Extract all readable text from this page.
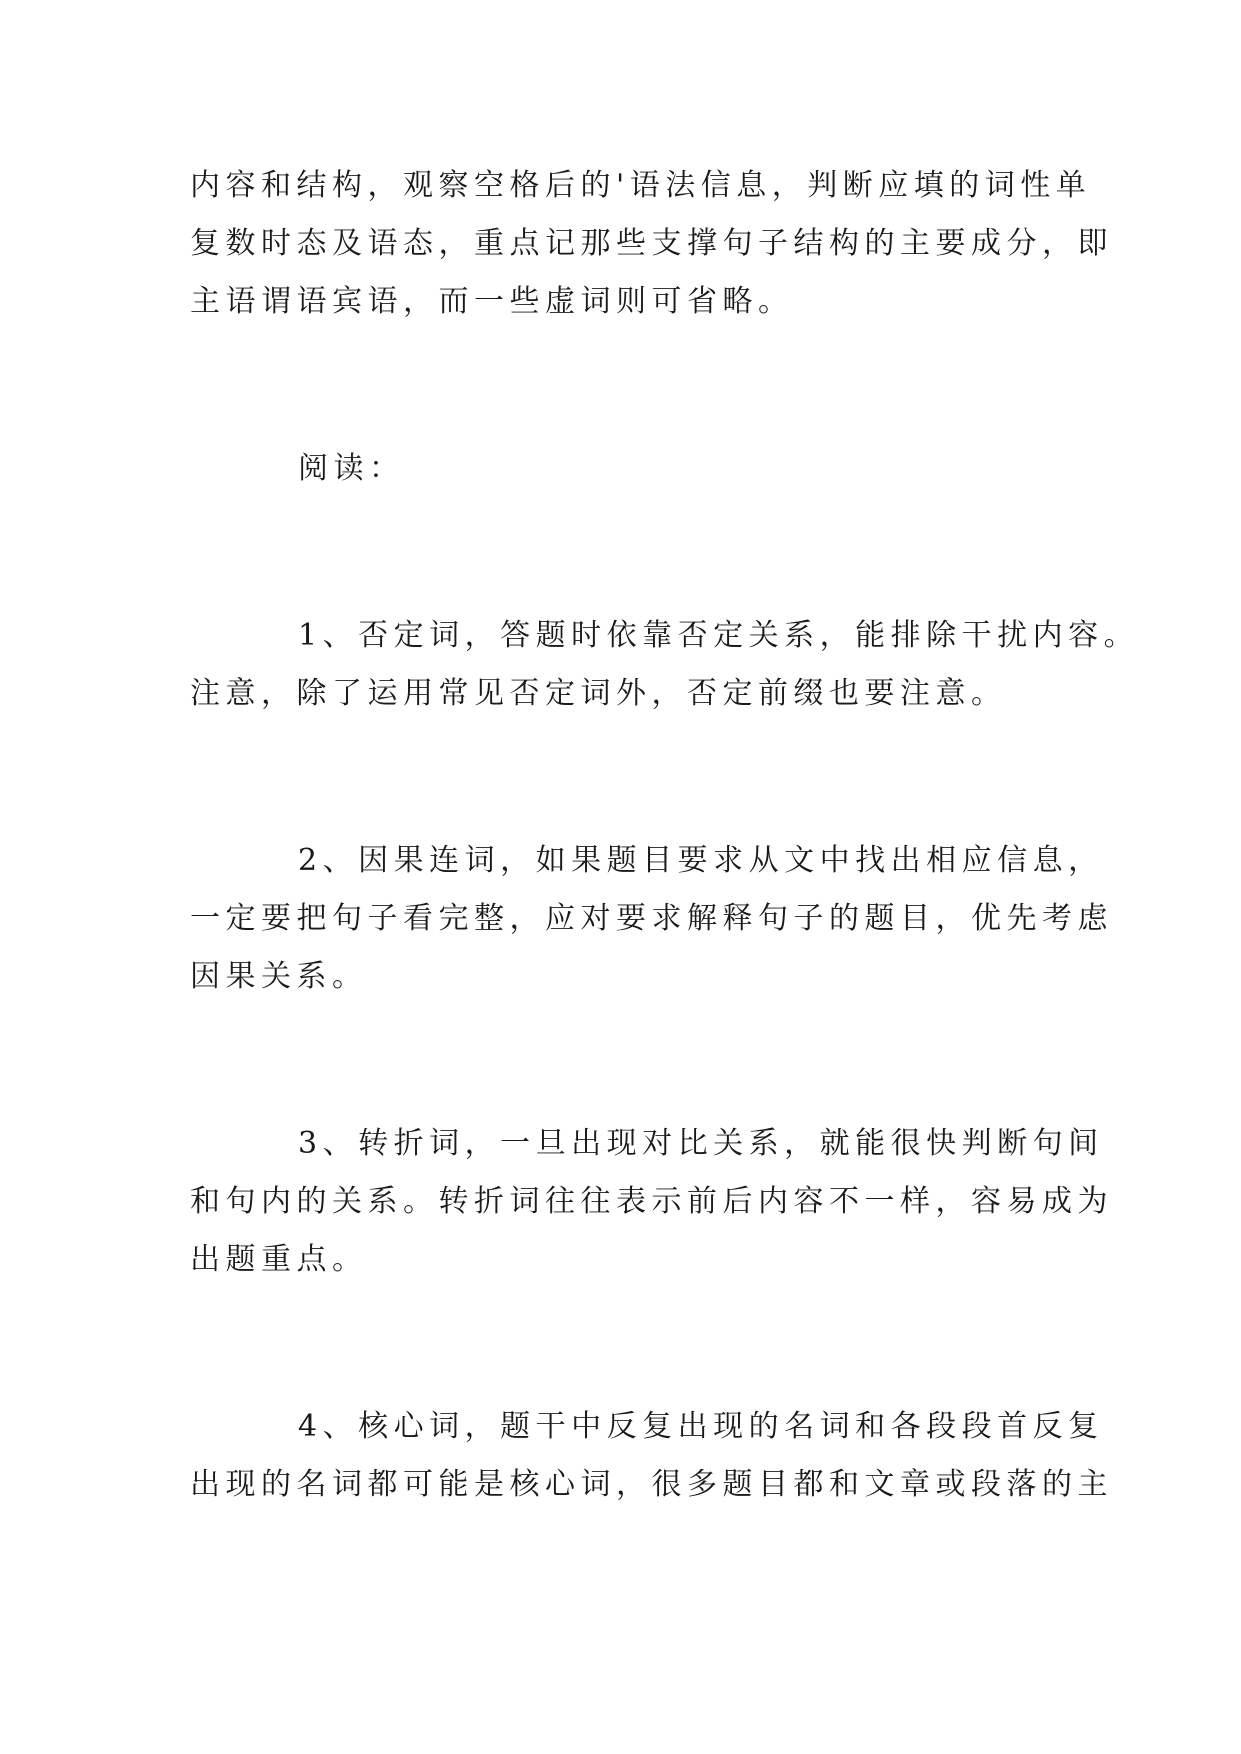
内容和结构，观察空格后的'语法信息，判断应填的词性单
复数时态及语态，重点记那些支撑句子结构的主要成分，即
主语谓语宾语，而一些虚词则可省略。
阅读：
1、否定词，答题时依靠否定关系，能排除干扰内容。
注意，除了运用常见否定词外，否定前缀也要注意。
2、因果连词，如果题目要求从文中找出相应信息，
一定要把句子看完整，应对要求解释句子的题目，优先考虑
因果关系。
3、转折词，一旦出现对比关系，就能很快判断句间
和句内的关系。转折词往往表示前后内容不一样，容易成为
出题重点。
4、核心词，题干中反复出现的名词和各段段首反复
出现的名词都可能是核心词，很多题目都和文章或段落的主
